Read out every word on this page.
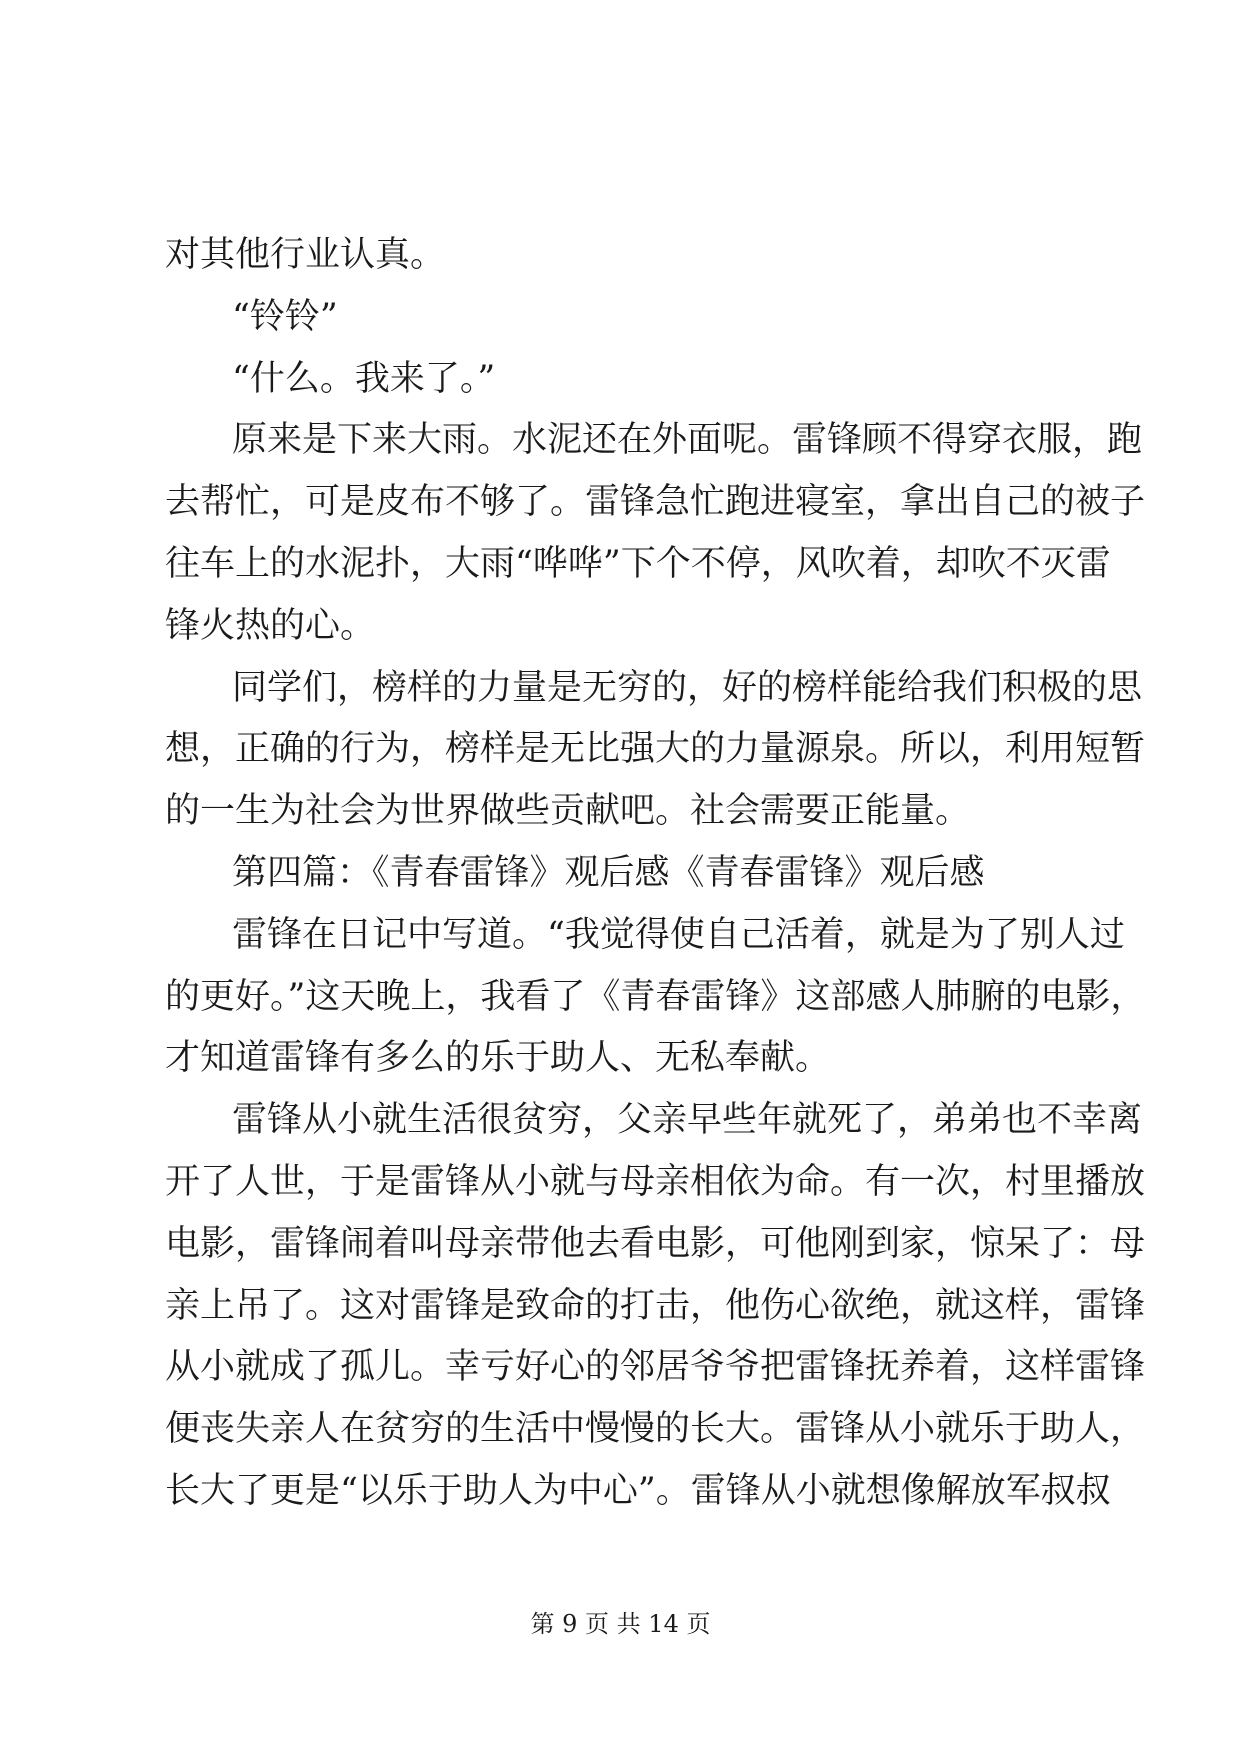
对其他行业认真。
“铃铃”
“什么。我来了。”
原来是下来大雨。水泥还在外面呢。雷锋顾不得穿衣服，跑
去帮忙，可是皮布不够了。雷锋急忙跑进寝室，拿出自己的被子
往车上的水泥扑，大雨“哗哗”下个不停，风吹着，却吹不灭雷
锋火热的心。
同学们，榜样的力量是无穷的，好的榜样能给我们积极的思
想，正确的行为，榜样是无比强大的力量源泉。所以，利用短暂
的一生为社会为世界做些贡献吧。社会需要正能量。
第四篇：《青春雷锋》观后感《青春雷锋》观后感
雷锋在日记中写道。“我觉得使自己活着，就是为了别人过
的更好。”这天晚上，我看了《青春雷锋》这部感人肺腑的电影，
才知道雷锋有多么的乐于助人、无私奉献。
雷锋从小就生活很贫穷，父亲早些年就死了，弟弟也不幸离
开了人世，于是雷锋从小就与母亲相依为命。有一次，村里播放
电影，雷锋闹着叫母亲带他去看电影，可他刚到家，惊呆了：母
亲上吊了。这对雷锋是致命的打击，他伤心欲绝，就这样，雷锋
从小就成了孤儿。幸亏好心的邻居爷爷把雷锋抚养着，这样雷锋
便丧失亲人在贫穷的生活中慢慢的长大。雷锋从小就乐于助人，
长大了更是“以乐于助人为中心”。雷锋从小就想像解放军叔叔
第 9 页 共 14 页
